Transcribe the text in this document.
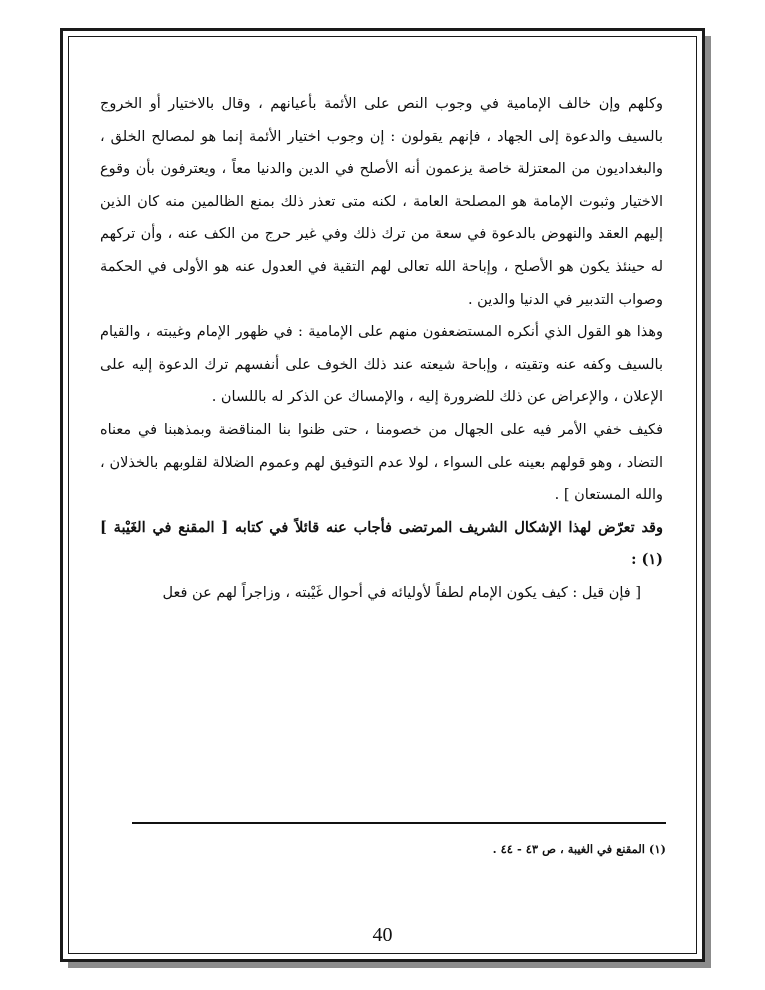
وكلهم وإن خالف الإمامية في وجوب النص على الأئمة بأعيانهم ، وقال بالاختيار أو الخروج بالسيف والدعوة إلى الجهاد ، فإنهم يقولون : إن وجوب اختيار الأئمة إنما هو لمصالح الخلق ، والبغداديون من المعتزلة خاصة يزعمون أنه الأصلح في الدين والدنيا معاً ، ويعترفون بأن وقوع الاختيار وثبوت الإمامة هو المصلحة العامة ، لكنه متى تعذر ذلك بمنع الظالمين منه كان الذين إليهم العقد والنهوض بالدعوة في سعة من ترك ذلك وفي غير حرج من الكف عنه ، وأن تركهم له حينئذ يكون هو الأصلح ، وإباحة الله تعالى لهم التقية في العدول عنه هو الأولى في الحكمة وصواب التدبير في الدنيا والدين .

وهذا هو القول الذي أنكره المستضعفون منهم على الإمامية : في ظهور الإمام وغيبته ، والقيام بالسيف وكفه عنه وتقيته ، وإباحة شيعته عند ذلك الخوف على أنفسهم ترك الدعوة إليه على الإعلان ، والإعراض عن ذلك للضرورة إليه ، والإمساك عن الذكر له باللسان .

فكيف خفي الأمر فيه على الجهال من خصومنا ، حتى ظنوا بنا المناقضة وبمذهبنا في معناه التضاد ، وهو قولهم بعينه على السواء ، لولا عدم التوفيق لهم وعموم الضلالة لقلوبهم بالخذلان ، والله المستعان ] .

وقد تعرّض لهذا الإشكال الشريف المرتضى فأجاب عنه قائلاً في كتابه [ المقنع في الغَيْبة ] (١) :

[ فإن قيل : كيف يكون الإمام لطفاً لأوليائه في أحوال غَيْبته ، وزاجراً لهم عن فعل

(١) المقنع في الغيبة ، ص ٤٣ - ٤٤ .
40
